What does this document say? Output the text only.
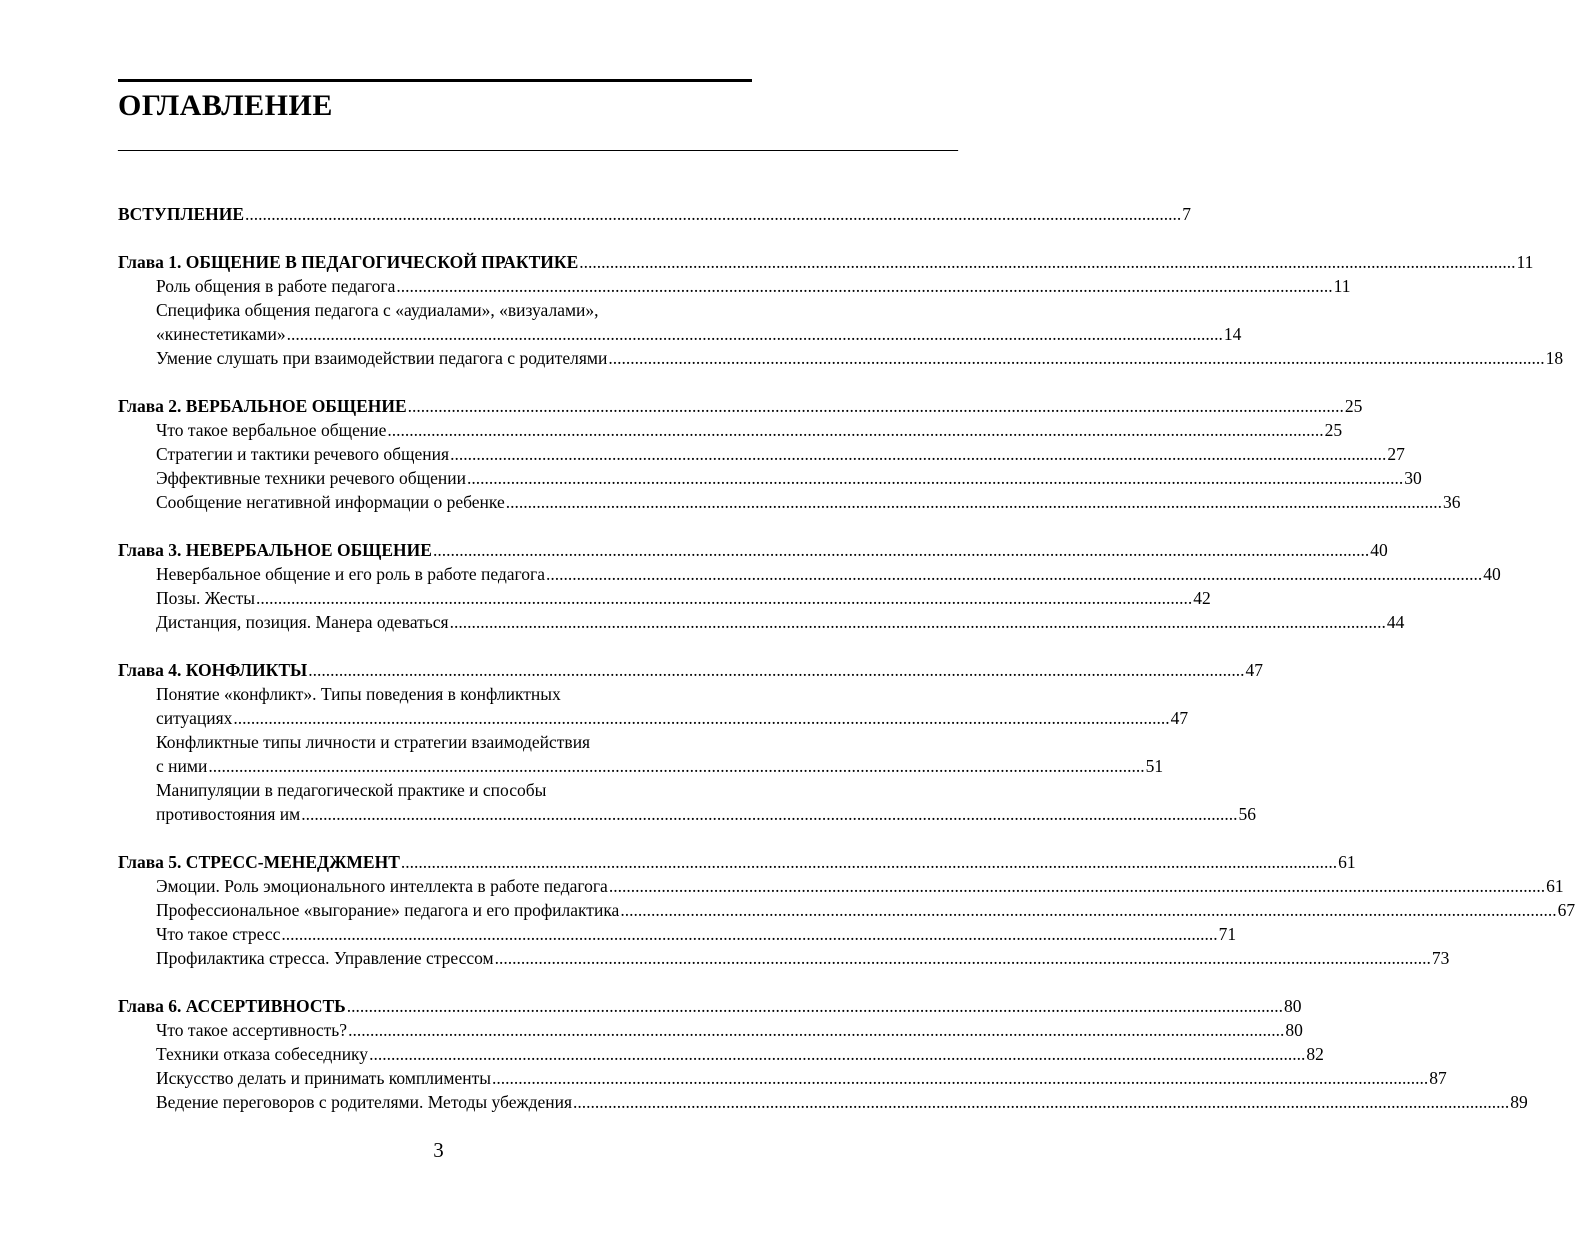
ОГЛАВЛЕНИЕ
——————————————————————————————————————————
ВСТУПЛЕНИЕ .....	7
Глава 1. ОБЩЕНИЕ В ПЕДАГОГИЧЕСКОЙ ПРАКТИКЕ .....	11
Роль общения в работе педагога .....	11
Специфика общения педагога с «аудиалами», «визуалами»,
«кинестетиками» .....	14
Умение слушать при взаимодействии педагога с родителями .....	18
Глава 2. ВЕРБАЛЬНОЕ ОБЩЕНИЕ .....	25
Что такое вербальное общение .....	25
Стратегии и тактики речевого общения .....	27
Эффективные техники речевого общении .....	30
Сообщение негативной информации о ребенке .....	36
Глава 3. НЕВЕРБАЛЬНОЕ ОБЩЕНИЕ .....	40
Невербальное общение и его роль в работе педагога .....	40
Позы. Жесты .....	42
Дистанция, позиция. Манера одеваться .....	44
Глава 4. КОНФЛИКТЫ .....	47
Понятие «конфликт». Типы поведения в конфликтных
ситуациях .....	47
Конфликтные типы личности и стратегии взаимодействия
с ними .....	51
Манипуляции в педагогической практике и способы
противостояния им .....	56
Глава 5. СТРЕСС-МЕНЕДЖМЕНТ .....	61
Эмоции. Роль эмоционального интеллекта в работе педагога .....	61
Профессиональное «выгорание» педагога и его профилактика .....	67
Что такое стресс .....	71
Профилактика стресса. Управление стрессом .....	73
Глава 6. АССЕРТИВНОСТЬ .....	80
Что такое ассертивность? .....	80
Техники отказа собеседнику .....	82
Искусство делать и принимать комплименты .....	87
Ведение переговоров с родителями. Методы убеждения .....	89
3
